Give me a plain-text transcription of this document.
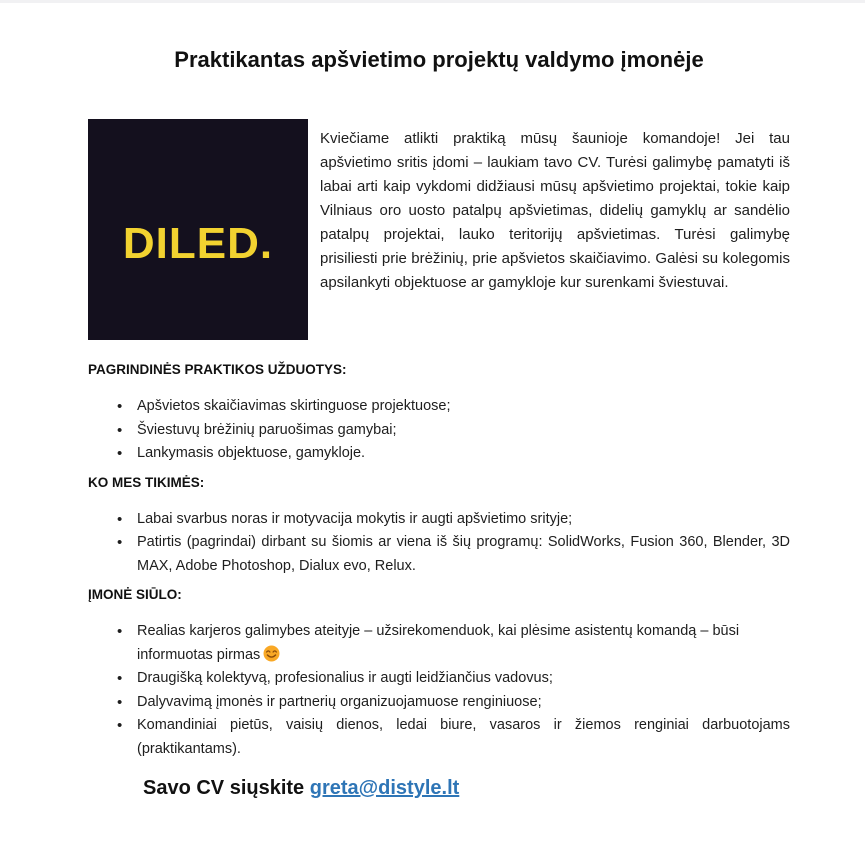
Praktikantas apšvietimo projektų valdymo įmonėje
DILED.

Kviečiame atlikti praktiką mūsų šaunioje komandoje! Jei tau apšvietimo sritis įdomi – laukiam tavo CV. Turėsi galimybę pamatyti iš labai arti kaip vykdomi didžiausi mūsų apšvietimo projektai, tokie kaip Vilniaus oro uosto patalpų apšvietimas, didelių gamyklų ar sandėlio patalpų projektai, lauko teritorijų apšvietimas. Turėsi galimybę prisiliesti prie brėžinių, prie apšvietos skaičiavimo. Galėsi su kolegomis apsilankyti objektuose ar gamykloje kur surenkami šviestuvai.

PAGRINDINĖS PRAKTIKOS UŽDUOTYS:
• Apšvietos skaičiavimas skirtinguose projektuose;
• Šviestuvų brėžinių paruošimas gamybai;
• Lankymasis objektuose, gamykloje.
KO MES TIKIMĖS:
• Labai svarbus noras ir motyvacija mokytis ir augti apšvietimo srityje;
• Patirtis (pagrindai) dirbant su šiomis ar viena iš šių programų: SolidWorks, Fusion 360, Blender, 3D MAX, Adobe Photoshop, Dialux evo, Relux.
ĮMONĖ SIŪLO:
• Realias karjeros galimybes ateityje – užsirekomenduok, kai plėsime asistentų komandą – būsi informuotas pirmas
• Draugišką kolektyvą, profesionalius ir augti leidžiančius vadovus;
• Dalyvavimą įmonės ir partnerių organizuojamuose renginiuose;
• Komandiniai pietūs, vaisių dienos, ledai biure, vasaros ir žiemos renginiai darbuotojams (praktikantams).

Savo CV siųskite greta@distyle.lt
